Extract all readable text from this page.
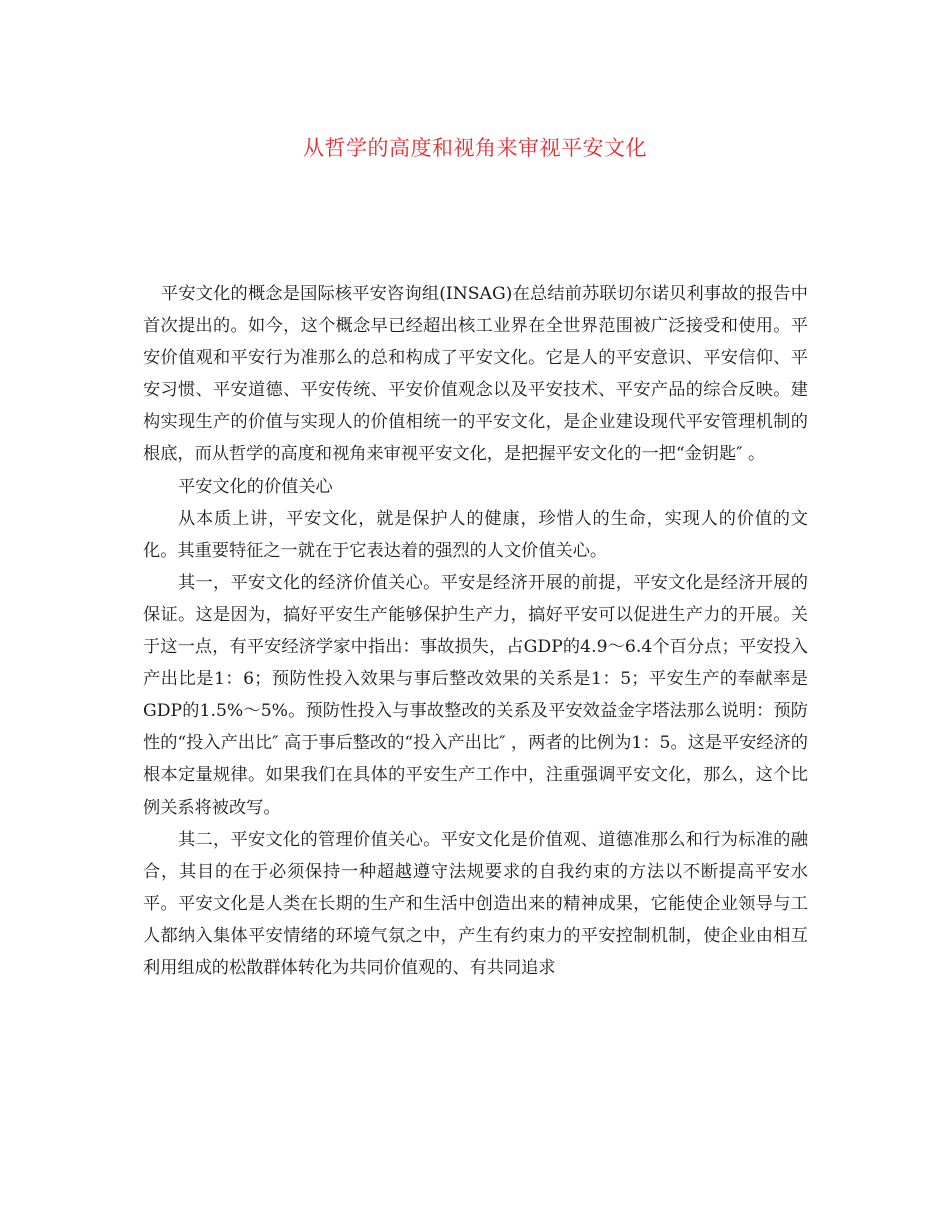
从哲学的高度和视角来审视平安文化

平安文化的概念是国际核平安咨询组(INSAG)在总结前苏联切尔诺贝利事故的报告中首次提出的。如今，这个概念早已经超出核工业界在全世界范围被广泛接受和使用。平安价值观和平安行为准那么的总和构成了平安文化。它是人的平安意识、平安信仰、平安习惯、平安道德、平安传统、平安价值观念以及平安技术、平安产品的综合反映。建构实现生产的价值与实现人的价值相统一的平安文化，是企业建设现代平安管理机制的根底，而从哲学的高度和视角来审视平安文化，是把握平安文化的一把“金钥匙″ 。

平安文化的价值关心

从本质上讲，平安文化，就是保护人的健康，珍惜人的生命，实现人的价值的文化。其重要特征之一就在于它表达着的强烈的人文价值关心。

其一，平安文化的经济价值关心。平安是经济开展的前提，平安文化是经济开展的保证。这是因为，搞好平安生产能够保护生产力，搞好平安可以促进生产力的开展。关于这一点，有平安经济学家中指出：事故损失，占GDP的4.9～6.4个百分点；平安投入产出比是1：6；预防性投入效果与事后整改效果的关系是1：5；平安生产的奉献率是GDP的1.5%～5%。预防性投入与事故整改的关系及平安效益金字塔法那么说明：预防性的“投入产出比″ 高于事后整改的“投入产出比″ ，两者的比例为1：5。这是平安经济的根本定量规律。如果我们在具体的平安生产工作中，注重强调平安文化，那么，这个比例关系将被改写。

其二，平安文化的管理价值关心。平安文化是价值观、道德准那么和行为标准的融合，其目的在于必须保持一种超越遵守法规要求的自我约束的方法以不断提高平安水平。平安文化是人类在长期的生产和生活中创造出来的精神成果，它能使企业领导与工人都纳入集体平安情绪的环境气氛之中，产生有约束力的平安控制机制，使企业由相互利用组成的松散群体转化为共同价值观的、有共同追求
